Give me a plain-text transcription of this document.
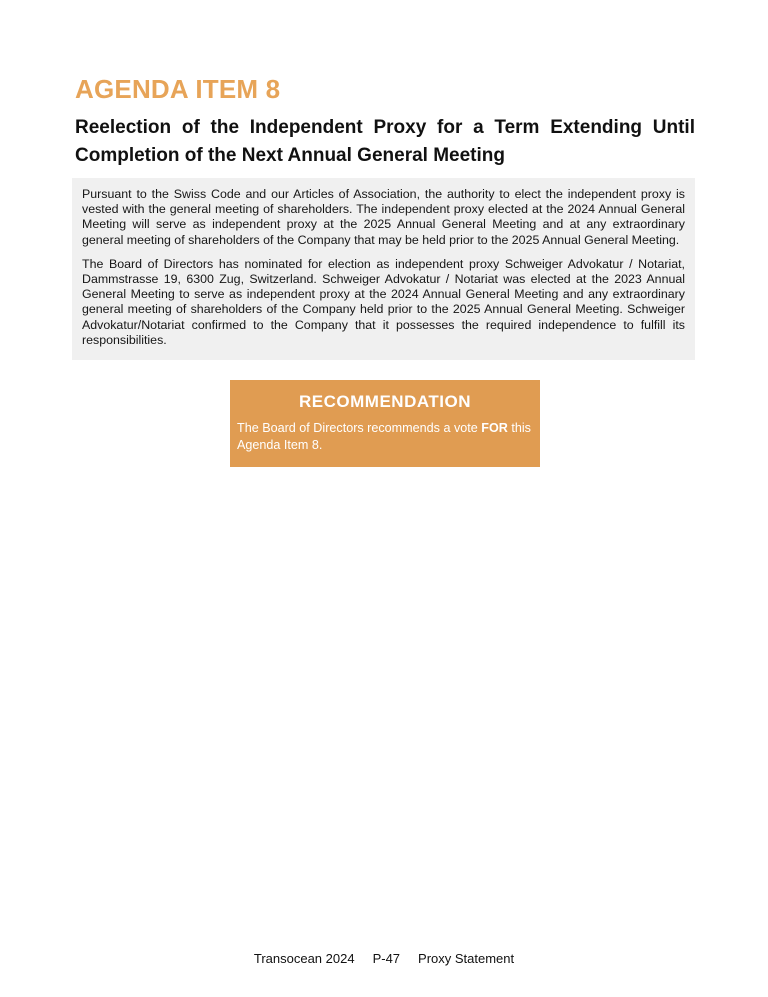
AGENDA ITEM 8
Reelection of the Independent Proxy for a Term Extending Until Completion of the Next Annual General Meeting

Pursuant to the Swiss Code and our Articles of Association, the authority to elect the independent proxy is vested with the general meeting of shareholders. The independent proxy elected at the 2024 Annual General Meeting will serve as independent proxy at the 2025 Annual General Meeting and at any extraordinary general meeting of shareholders of the Company that may be held prior to the 2025 Annual General Meeting.

The Board of Directors has nominated for election as independent proxy Schweiger Advokatur / Notariat, Dammstrasse 19, 6300 Zug, Switzerland. Schweiger Advokatur / Notariat was elected at the 2023 Annual General Meeting to serve as independent proxy at the 2024 Annual General Meeting and any extraordinary general meeting of shareholders of the Company held prior to the 2025 Annual General Meeting. Schweiger Advokatur/Notariat confirmed to the Company that it possesses the required independence to fulfill its responsibilities.

RECOMMENDATION
The Board of Directors recommends a vote FOR this Agenda Item 8.
Transocean 2024 P-47 Proxy Statement
